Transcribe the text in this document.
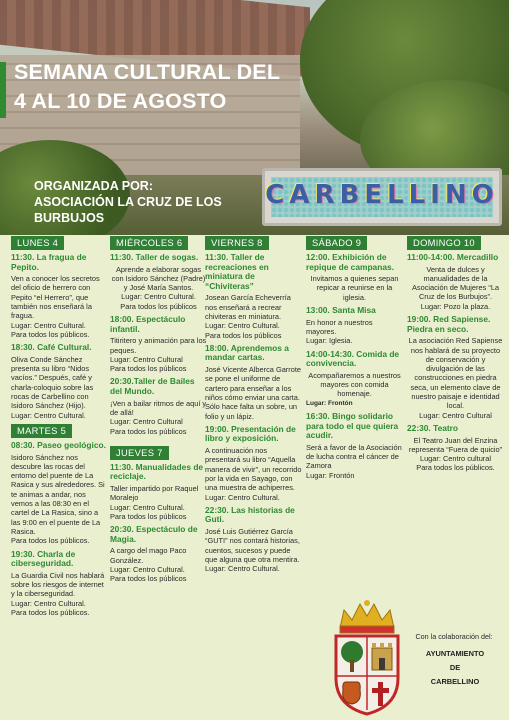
SEMANA CULTURAL DEL 4 AL 10 DE AGOSTO
ORGANIZADA POR: ASOCIACIÓN LA CRUZ DE LOS BURBUJOS
CARBELLINO
LUNES 4
11:30. La fragua de Pepito.
Ven a conocer los secretos del oficio de herrero con Pepito “el Herrero”, que también nos enseñará la fragua.
Lugar: Centro Cultural.
Para todos los públicos.
18:30. Café Cultural.
Oliva Conde Sánchez presenta su libro “Nidos vacíos.” Después, café y charla-coloquio sobre las rocas de Carbellino con Isidoro Sánchez (Hijo). Lugar: Centro Cultural.
MARTES 5
08:30. Paseo geológico.
Isidoro Sánchez nos descubre las rocas del entorno del puente de La Rasica y sus alrededores. Si te animas a andar, nos vemos a las 08:30 en el cartel de La Rasica, sino a las 9:00 en el puente de La Rasica.
Para todos los públicos.
19:30. Charla de ciberseguridad.
La Guardia Civil nos hablará sobre los riesgos de internet y la ciberseguridad.
Lugar: Centro Cultural.
Para todos los públicos.
MIÉRCOLES 6
11:30. Taller de sogas.
Aprende a elaborar sogas con Isidoro Sánchez (Padre) y José María Santos.
Lugar: Centro Cultural.
Para todos los públicos
18:00. Espectáculo infantil.
Titiritero y animación para los peques.
Lugar: Centro Cultural
Para todos los públicos
20:30.Taller de Bailes del Mundo.
¡Ven a bailar ritmos de aquí y de allá!
Lugar: Centro Cultural
Para todos los públicos
JUEVES 7
11:30. Manualidades de reciclaje.
Taller impartido por Raquel Moralejo
Lugar: Centro Cultural.
Para todos los públicos
20:30. Espectáculo de Magia.
A cargo del mago Paco González.
Lugar: Centro Cultural.
Para todos los públicos
VIERNES 8
11:30. Taller de recreaciones en miniatura de “Chiviteras”
Josean García Echeverría nos enseñará a recrear chiviteras en miniatura.
Lugar: Centro Cultural.
Para todos los públicos
18:00. Aprendemos a mandar cartas.
José Vicente Albercа Garrote se pone el uniforme de cartero para enseñar a los niños cómo enviar una carta. Sólo hace falta un sobre, un folio y un lápiz.
19:00. Presentación de libro y exposición.
A continuación nos presentará su libro “Aquella manera de vivir”, un recorrido por la vida en Sayago, con una muestra de achiperres.
Lugar: Centro Cultural.
22:30. Las historias de Guti.
José Luis Gutiérrez García “GUTI” nos contará historias, cuentos, sucesos y puede que alguna que otra mentira.
Lugar: Centro Cultural.
SÁBADO 9
12:00. Exhibición de repique de campanas.
Invitamos a quienes sepan repicar a reunirse en la iglesia.
13:00. Santa Misa
En honor a nuestros mayores.
Lugar: Iglesia.
14:00-14:30. Comida de convivencia.
Acompañaremos a nuestros mayores con comida homenaje.
Lugar: Frontón
16:30. Bingo solidario para todo el que quiera acudir.
Será a favor de la Asociación de lucha contra el cáncer de Zamora
Lugar: Frontón
DOMINGO 10
11:00-14:00. Mercadillo
Venta de dulces y manualidades de la Asociación de Mujeres “La Cruz de los Burbujos”.
Lugar: Pozo la plaza.
19:00. Red Sapiense. Piedra en seco.
La asociación Red Sapiense nos hablará de su proyecto de conservación y divulgación de las construcciones en piedra seca, un elemento clave de nuestro paisaje e identidad local.
Lugar: Centro Cultural
22:30. Teatro
El Teatro Juan del Enzina representa “Fuera de quicio”
Lugar: Centro cultural
Para todos los públicos.
Con la colaboración del:
AYUNTAMIENTO
DE
CARBELLINO
